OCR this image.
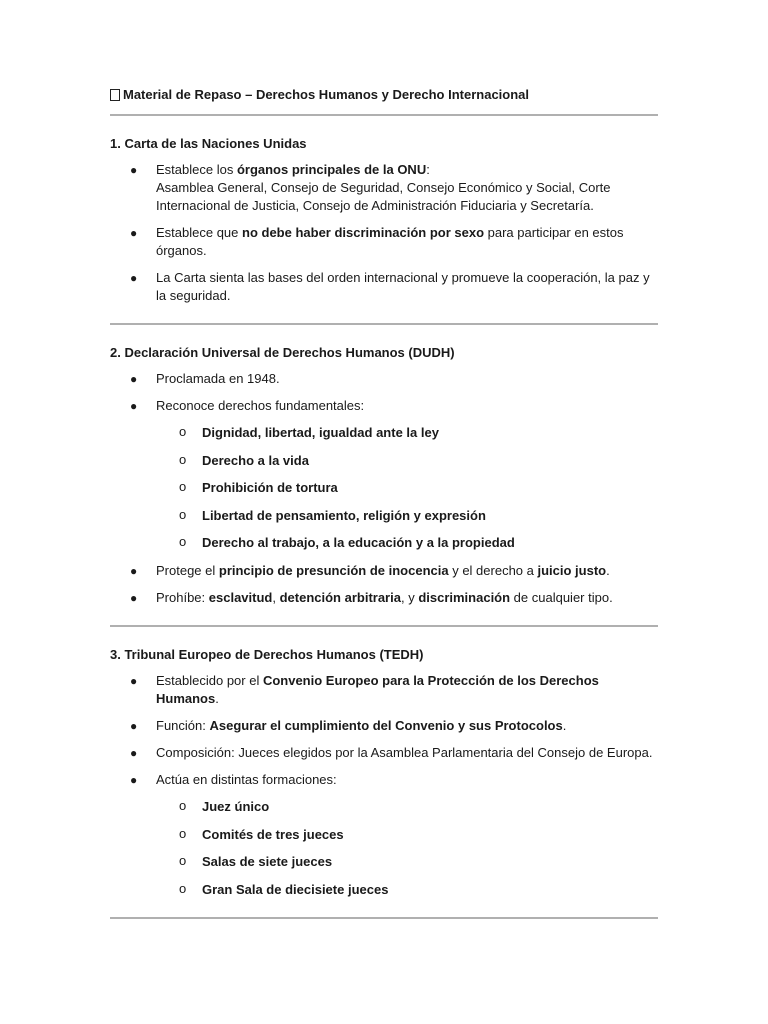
Material de Repaso – Derechos Humanos y Derecho Internacional
1. Carta de las Naciones Unidas
● Establece los órganos principales de la ONU:
Asamblea General, Consejo de Seguridad, Consejo Económico y Social, Corte Internacional de Justicia, Consejo de Administración Fiduciaria y Secretaría.
● Establece que no debe haber discriminación por sexo para participar en estos órganos.
● La Carta sienta las bases del orden internacional y promueve la cooperación, la paz y la seguridad.
2. Declaración Universal de Derechos Humanos (DUDH)
● Proclamada en 1948.
● Reconoce derechos fundamentales:
o Dignidad, libertad, igualdad ante la ley
o Derecho a la vida
o Prohibición de tortura
o Libertad de pensamiento, religión y expresión
o Derecho al trabajo, a la educación y a la propiedad
● Protege el principio de presunción de inocencia y el derecho a juicio justo.
● Prohíbe: esclavitud, detención arbitraria, y discriminación de cualquier tipo.
3. Tribunal Europeo de Derechos Humanos (TEDH)
● Establecido por el Convenio Europeo para la Protección de los Derechos Humanos.
● Función: Asegurar el cumplimiento del Convenio y sus Protocolos.
● Composición: Jueces elegidos por la Asamblea Parlamentaria del Consejo de Europa.
● Actúa en distintas formaciones:
o Juez único
o Comités de tres jueces
o Salas de siete jueces
o Gran Sala de diecisiete jueces
